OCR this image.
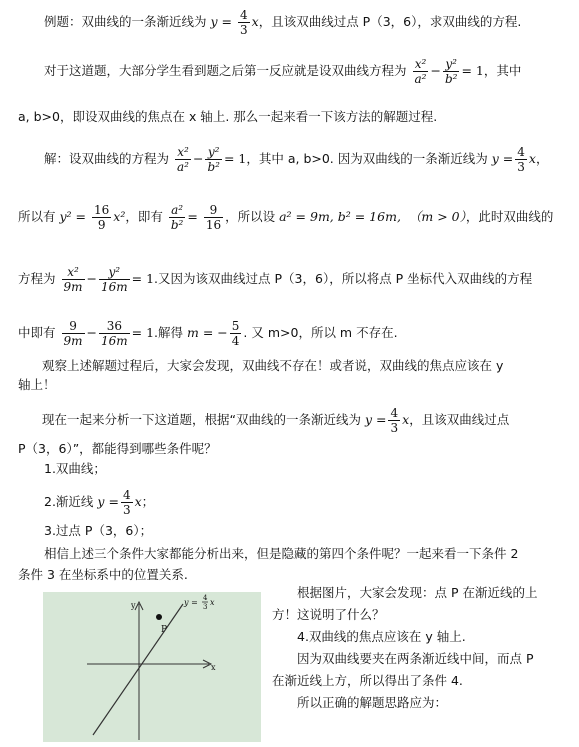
例题：双曲线的一条渐近线为 $y = \frac{4}{3}$ x，且该双曲线过点 P（3，6），求双曲线的方程.
对于这道题，大部分学生看到题之后第一反应就是设双曲线方程为 $\frac{\text{x²}}{\text{a²}} - \frac{\text{y²}}{\text{b²}} = 1$，其中
a, b>0，即设双曲线的焦点在 x 轴上. 那么一起来看一下该方法的解题过程.
解：设双曲线的方程为 $\frac{\text{x²}}{\text{a²}} - \frac{\text{y²}}{\text{b²}} = 1$，其中 a, b>0. 因为双曲线的一条渐近线为 $y = \frac{4}{3}$ x，
所以有 $y^2 = \frac{16}{9} x^2$，即有 $\frac{\text{a²}}{\text{b²}} = \frac{9}{16}$ ，所以设 a² = 9m, b² = 16m, （m > 0），此时双曲线的
方程为 $\frac{\text{x²}}{9m} - \frac{\text{y²}}{16m} = 1$.又因为该双曲线过点 P（3，6），所以将点 P 坐标代入双曲线的方程
中即有 $\frac{9}{9m} - \frac{36}{16m} = 1$.解得 m = − $\frac{5}{4}$ . 又 m>0，所以 m 不存在.
观察上述解题过程后，大家会发现，双曲线不存在！或者说，双曲线的焦点应该在 y
轴上！
现在一起来分析一下这道题，根据“双曲线的一条渐近线为 $y = \frac{4}{3}$ x，且该双曲线过点
P（3，6）”，都能得到哪些条件呢？
1.双曲线；
2.渐近线 $y = \frac{4}{3}$ x；
3.过点 P（3，6）；
相信上述三个条件大家都能分析出来，但是隐藏的第四个条件呢？一起来看一下条件 2
条件 3 在坐标系中的位置关系.
P
y
x
y = 4
3 x
根据图片，大家会发现：点 P 在渐近线的上
方！这说明了什么？
4.双曲线的焦点应该在 y 轴上.
因为双曲线要夹在两条渐近线中间，而点 P
在渐近线上方，所以得出了条件 4.
所以正确的解题思路应为：
